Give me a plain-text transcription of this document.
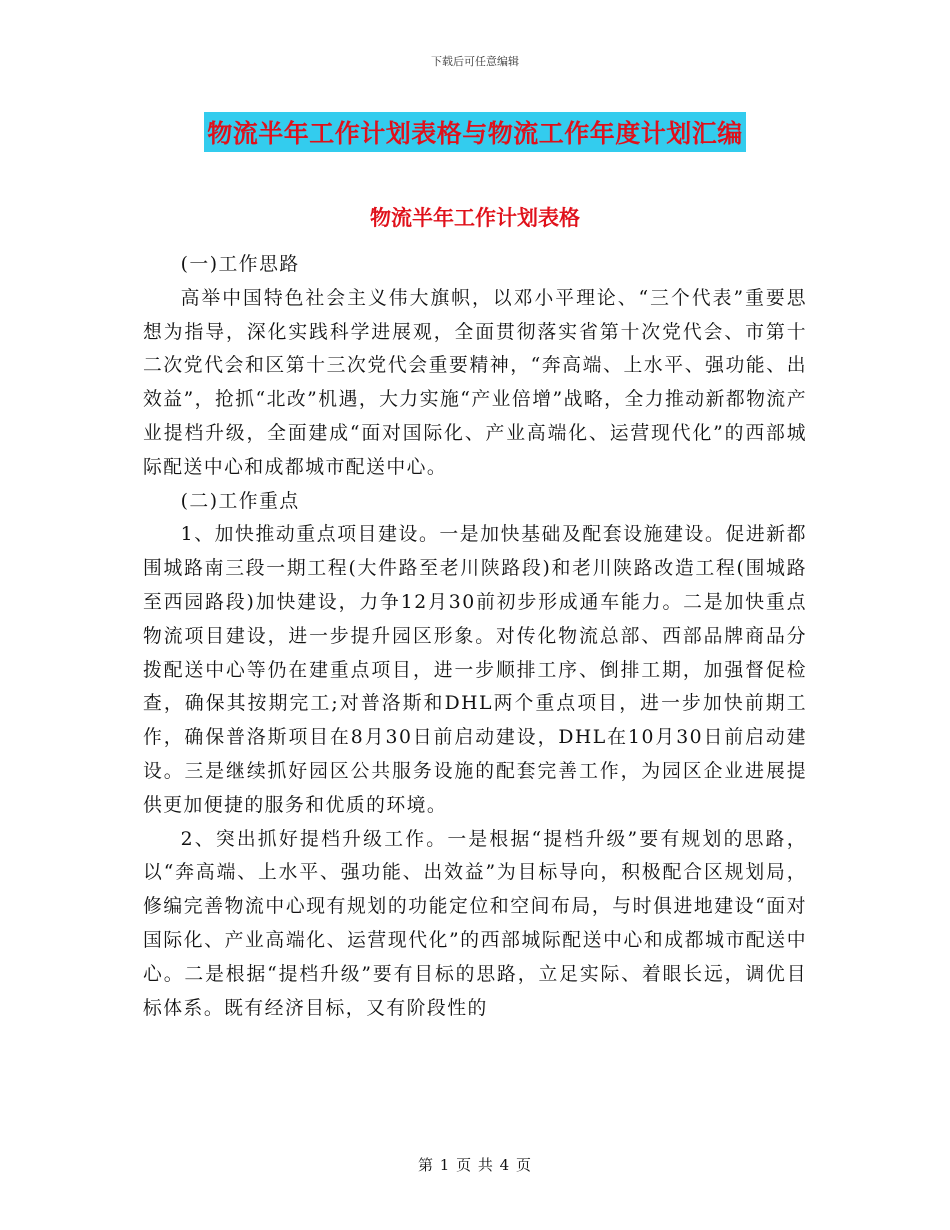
下载后可任意编辑
物流半年工作计划表格与物流工作年度计划汇编
物流半年工作计划表格

(一)工作思路

高举中国特色社会主义伟大旗帜，以邓小平理论、“三个代表”重要思想为指导，深化实践科学进展观，全面贯彻落实省第十次党代会、市第十二次党代会和区第十三次党代会重要精神，“奔高端、上水平、强功能、出效益”，抢抓“北改”机遇，大力实施“产业倍增”战略，全力推动新都物流产业提档升级，全面建成“面对国际化、产业高端化、运营现代化”的西部城际配送中心和成都城市配送中心。

(二)工作重点

1、加快推动重点项目建设。一是加快基础及配套设施建设。促进新都围城路南三段一期工程(大件路至老川陕路段)和老川陕路改造工程(围城路至西园路段)加快建设，力争12月30前初步形成通车能力。二是加快重点物流项目建设，进一步提升园区形象。对传化物流总部、西部品牌商品分拨配送中心等仍在建重点项目，进一步顺排工序、倒排工期，加强督促检查，确保其按期完工;对普洛斯和DHL两个重点项目，进一步加快前期工作，确保普洛斯项目在8月30日前启动建设，DHL在10月30日前启动建设。三是继续抓好园区公共服务设施的配套完善工作，为园区企业进展提供更加便捷的服务和优质的环境。

2、突出抓好提档升级工作。一是根据“提档升级”要有规划的思路，以“奔高端、上水平、强功能、出效益”为目标导向，积极配合区规划局，修编完善物流中心现有规划的功能定位和空间布局，与时俱进地建设“面对国际化、产业高端化、运营现代化”的西部城际配送中心和成都城市配送中心。二是根据“提档升级”要有目标的思路，立足实际、着眼长远，调优目标体系。既有经济目标，又有阶段性的

第 1 页 共 4 页
